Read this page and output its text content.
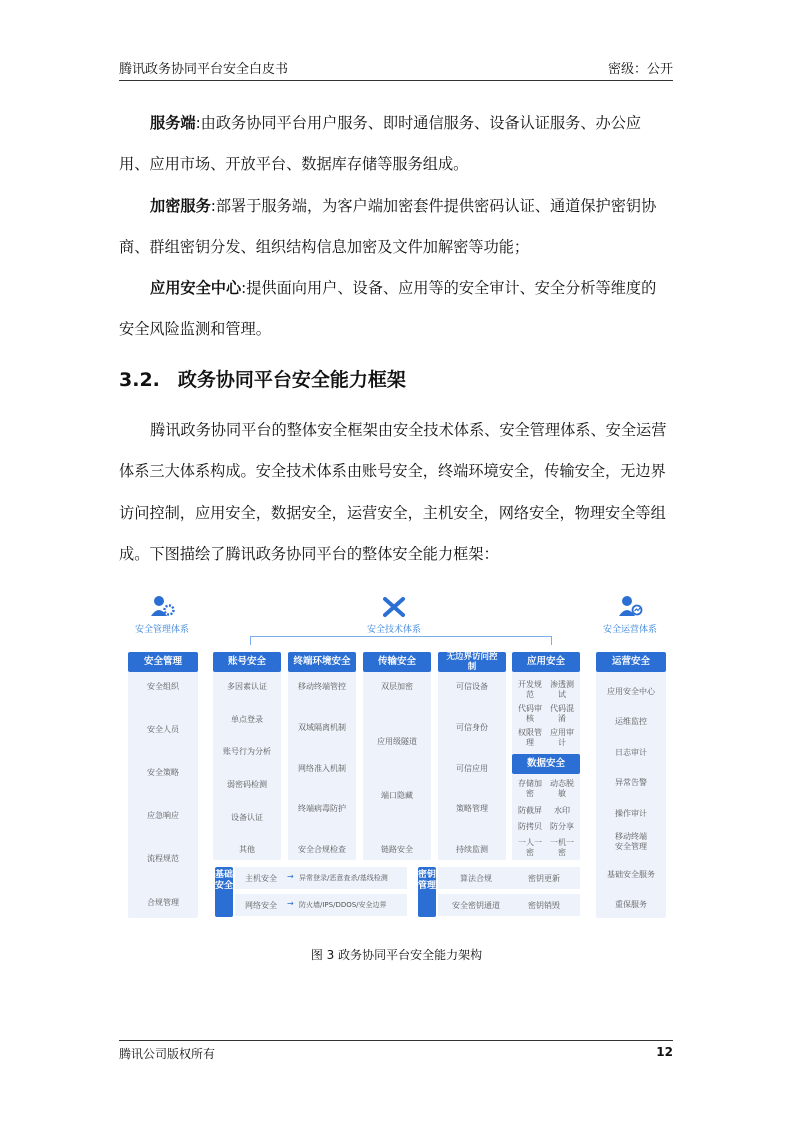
腾讯政务协同平台安全白皮书	密级：公开

服务端:由政务协同平台用户服务、即时通信服务、设备认证服务、办公应用、应用市场、开放平台、数据库存储等服务组成。

加密服务:部署于服务端，为客户端加密套件提供密码认证、通道保护密钥协商、群组密钥分发、组织结构信息加密及文件加解密等功能；

应用安全中心:提供面向用户、设备、应用等的安全审计、安全分析等维度的安全风险监测和管理。

3.2. 政务协同平台安全能力框架

腾讯政务协同平台的整体安全框架由安全技术体系、安全管理体系、安全运营体系三大体系构成。安全技术体系由账号安全，终端环境安全，传输安全，无边界访问控制，应用安全，数据安全，运营安全，主机安全，网络安全，物理安全等组成。下图描绘了腾讯政务协同平台的整体安全能力框架：

安全管理体系	安全技术体系	安全运营体系
安全管理
安全组织
安全人员
安全策略
应急响应
流程规范
合规管理
账号安全
多因素认证
单点登录
账号行为分析
弱密码检测
设备认证
其他
终端环境安全
移动终端管控
双域隔离机制
网络准入机制
终端病毒防护
安全合规检查
传输安全
双层加密
应用级隧道
端口隐藏
链路安全
无边界访问控制
可信设备
可信身份
可信应用
策略管理
持续监测
应用安全
开发规范
渗透测试
代码审核
代码混淆
权限管理
应用审计
数据安全
存储加密
动态脱敏
防截屏	水印
防拷贝	防分享
一人一密
一机一密
运营安全
应用安全中心
运维监控
日志审计
异常告警
操作审计
移动终端安全管理
基础安全服务
重保服务
基础安全
主机安全 → 异常登录/恶意查杀/基线检测
网络安全 → 防火墙/IPS/DDOS/安全边界
密钥管理
算法合规	密钥更新
安全密钥通道	密钥销毁
图 3 政务协同平台安全能力架构
腾讯公司版权所有	12
